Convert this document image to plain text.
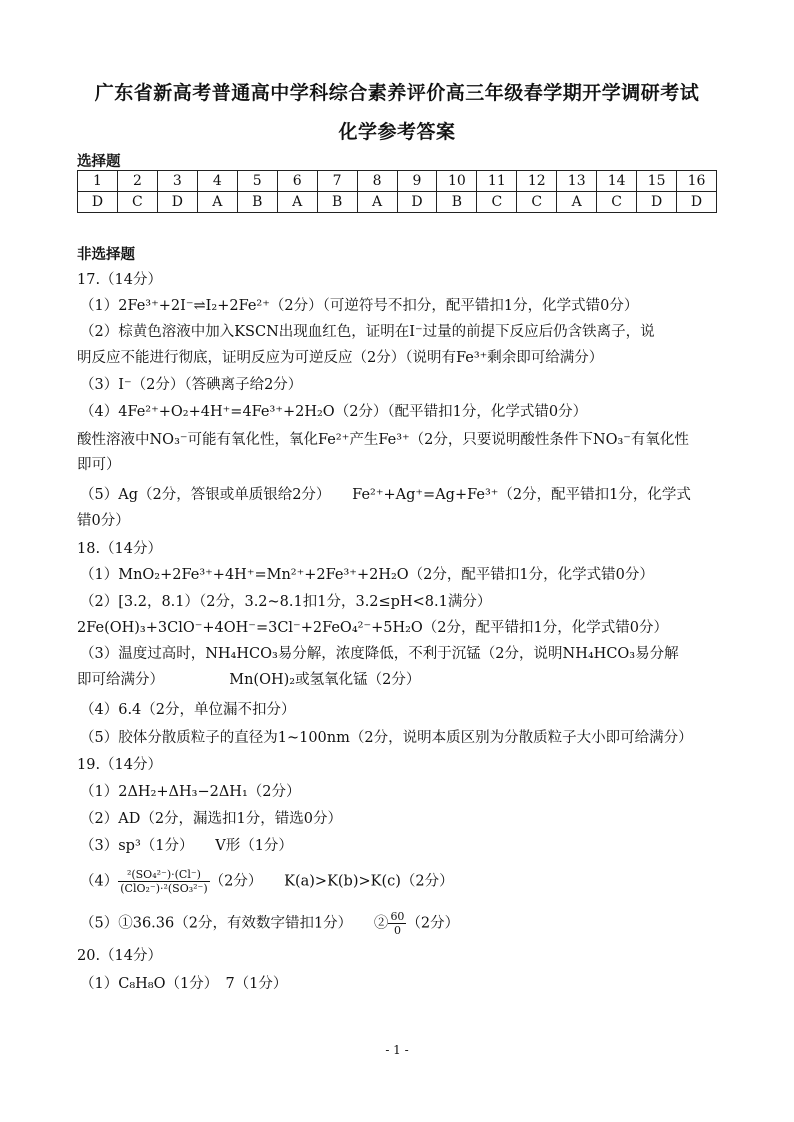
广东省新高考普通高中学科综合素养评价高三年级春学期开学调研考试
化学参考答案
选择题
1	2	3	4	5	6	7	8	9	10	11	12	13	14	15	16
D	C	D	A	B	A	B	A	D	B	C	C	A	C	D	D
非选择题
17.（14分）
（1）2Fe³⁺+2I⁻⇌I₂+2Fe²⁺（2分）（可逆符号不扣分，配平错扣1分，化学式错0分）
（2）棕黄色溶液中加入KSCN出现血红色，证明在I⁻过量的前提下反应后仍含铁离子，说
明反应不能进行彻底，证明反应为可逆反应（2分）（说明有Fe³⁺剩余即可给满分）
（3）I⁻（2分）（答碘离子给2分）
（4）4Fe²⁺+O₂+4H⁺=4Fe³⁺+2H₂O（2分）（配平错扣1分，化学式错0分）
酸性溶液中NO₃⁻可能有氧化性，氧化Fe²⁺产生Fe³⁺（2分，只要说明酸性条件下NO₃⁻有氧化性
即可）
（5）Ag（2分，答银或单质银给2分）　　Fe²⁺+Ag⁺=Ag+Fe³⁺（2分，配平错扣1分，化学式
错0分）
18.（14分）
（1）MnO₂+2Fe³⁺+4H⁺=Mn²⁺+2Fe³⁺+2H₂O（2分，配平错扣1分，化学式错0分）
（2）[3.2，8.1）（2分，3.2~8.1扣1分，3.2≤pH<8.1满分）
2Fe(OH)₃+3ClO⁻+4OH⁻=3Cl⁻+2FeO₄²⁻+5H₂O（2分，配平错扣1分，化学式错0分）
（3）温度过高时，NH₄HCO₃易分解，浓度降低，不利于沉锰（2分，说明NH₄HCO₃易分解
即可给满分）　　　　　Mn(OH)₂或氢氧化锰（2分）
（4）6.4（2分，单位漏不扣分）
（5）胶体分散质粒子的直径为1~100nm（2分，说明本质区别为分散质粒子大小即可给满分）
19.（14分）
（1）2ΔH₂+ΔH₃−2ΔH₁（2分）
（2）AD（2分，漏选扣1分，错选0分）
（3）sp³（1分）　　V形（1分）
$(4) \frac{\text{²(SO₄²⁻)·(Cl⁻)}}{\text{(ClO₂⁻)·²(SO₃²⁻)}} (2$分）　　K(a)>K(b)>K(c)（2分）
（5）①36.36（2分，有效数字错扣1分）　　② $\frac{60}{0} (2$分）
20.（14分）
（1）C₈H₈O（1分）　7（1分）
- 1 -
